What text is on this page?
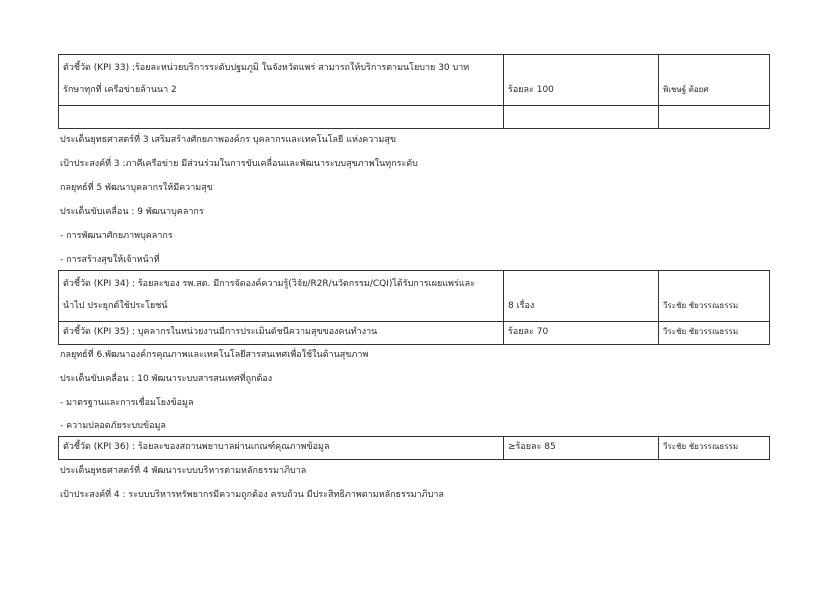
ตัวชี้วัด (KPI 33) :ร้อยละหน่วยบริการระดับปฐมภูมิ ในจังหวัดแพร่ สามารถให้บริการตามนโยบาย 30 บาท
รักษาทุกที่ เครือข่ายล้านนา 2	ร้อยละ 100	พิเชษฐ์ ต้อยศ

ประเด็นยุทธศาสตร์ที่ 3 เสริมสร้างศักยภาพองค์กร บุคลากรและเทคโนโลยี แห่งความสุข
เป้าประสงค์ที่ 3 :ภาคีเครือข่าย มีส่วนร่วมในการขับเคลื่อนและพัฒนาระบบสุขภาพในทุกระดับ
กลยุทธ์ที่ 5 พัฒนาบุคลากรให้มีความสุข
ประเด็นขับเคลื่อน : 9 พัฒนาบุคลากร
- การพัฒนาศักยภาพบุคลากร
- การสร้างสุขให้เจ้าหน้าที่
ตัวชี้วัด (KPI 34) : ร้อยละของ รพ.สต. มีการจัดองค์ความรู้(วิจัย/R2R/นวัตกรรม/CQI)ได้รับการเผยแพร่และ
นำไป ประยุกต์ใช้ประโยชน์	8 เรื่อง	วีระชัย ชัยวรรณธรรม
ตัวชี้วัด (KPI 35) : บุคลากรในหน่วยงานมีการประเมินดัชนีความสุขของคนทำงาน	ร้อยละ 70	วีระชัย ชัยวรรณธรรม
กลยุทธ์ที่ 6.พัฒนาองค์กรคุณภาพและเทคโนโลยีสารสนเทศเพื่อใช้ในด้านสุขภาพ
ประเด็นขับเคลื่อน : 10 พัฒนาระบบสารสนเทศที่ถูกต้อง
- มาตรฐานและการเชื่อมโยงข้อมูล
- ความปลอดภัยระบบข้อมูล
ตัวชี้วัด (KPI 36) : ร้อยละของสถานพยาบาลผ่านเกณฑ์คุณภาพข้อมูล	≥ร้อยละ 85	วีระชัย ชัยวรรณธรรม
ประเด็นยุทธศาสตร์ที่ 4 พัฒนาระบบบริหารตามหลักธรรมาภิบาล
เป้าประสงค์ที่ 4 : ระบบบริหารทรัพยากรมีความถูกต้อง ครบถ้วน มีประสิทธิภาพตามหลักธรรมาภิบาล
